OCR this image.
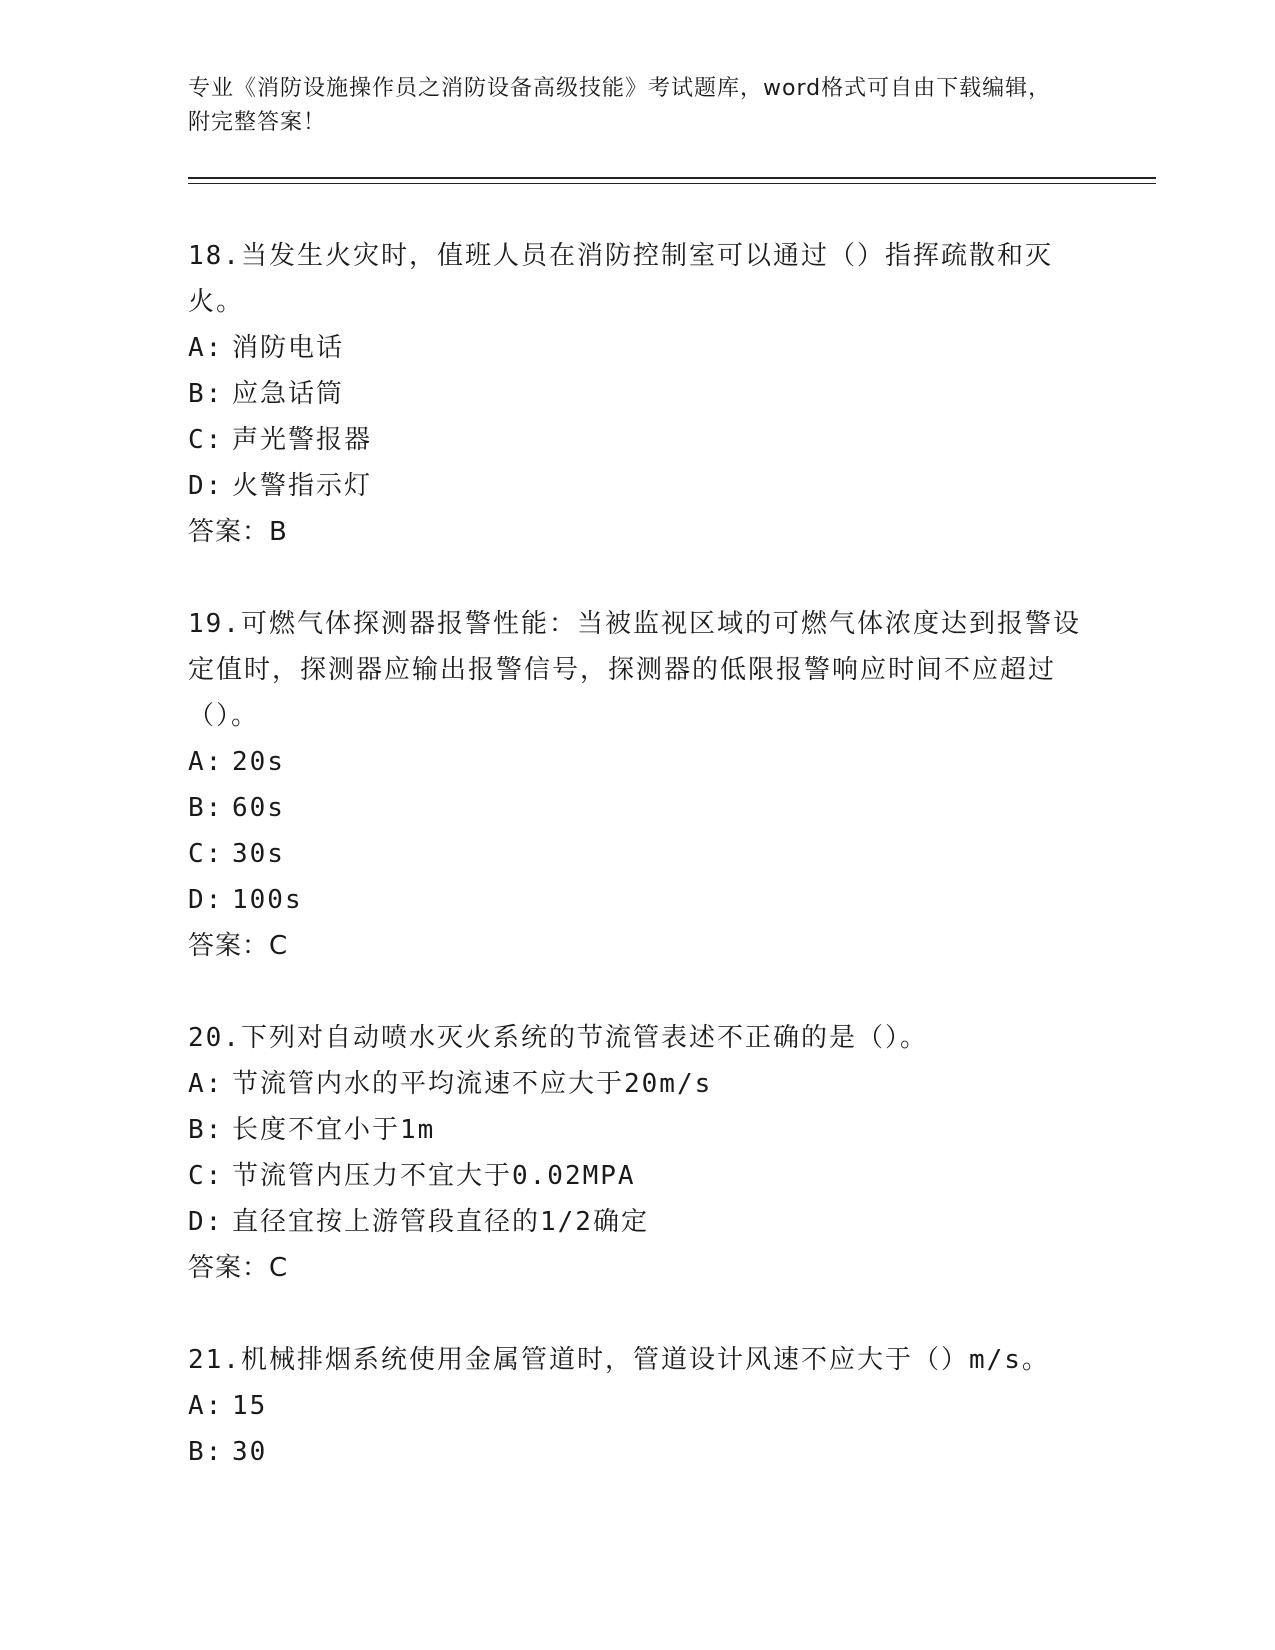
专业《消防设施操作员之消防设备高级技能》考试题库，word格式可自由下载编辑，附完整答案！

18.当发生火灾时，值班人员在消防控制室可以通过（）指挥疏散和灭火。

A: 消防电话

B: 应急话筒

C: 声光警报器

D: 火警指示灯

答案：B

19.可燃气体探测器报警性能：当被监视区域的可燃气体浓度达到报警设定值时，探测器应输出报警信号，探测器的低限报警响应时间不应超过（）。

A: 20s

B: 60s

C: 30s

D: 100s

答案：C

20.下列对自动喷水灭火系统的节流管表述不正确的是（）。

A: 节流管内水的平均流速不应大于20m/s

B: 长度不宜小于1m

C: 节流管内压力不宜大于0.02MPA

D: 直径宜按上游管段直径的1/2确定

答案：C

21.机械排烟系统使用金属管道时，管道设计风速不应大于（）m/s。

A: 15

B: 30
